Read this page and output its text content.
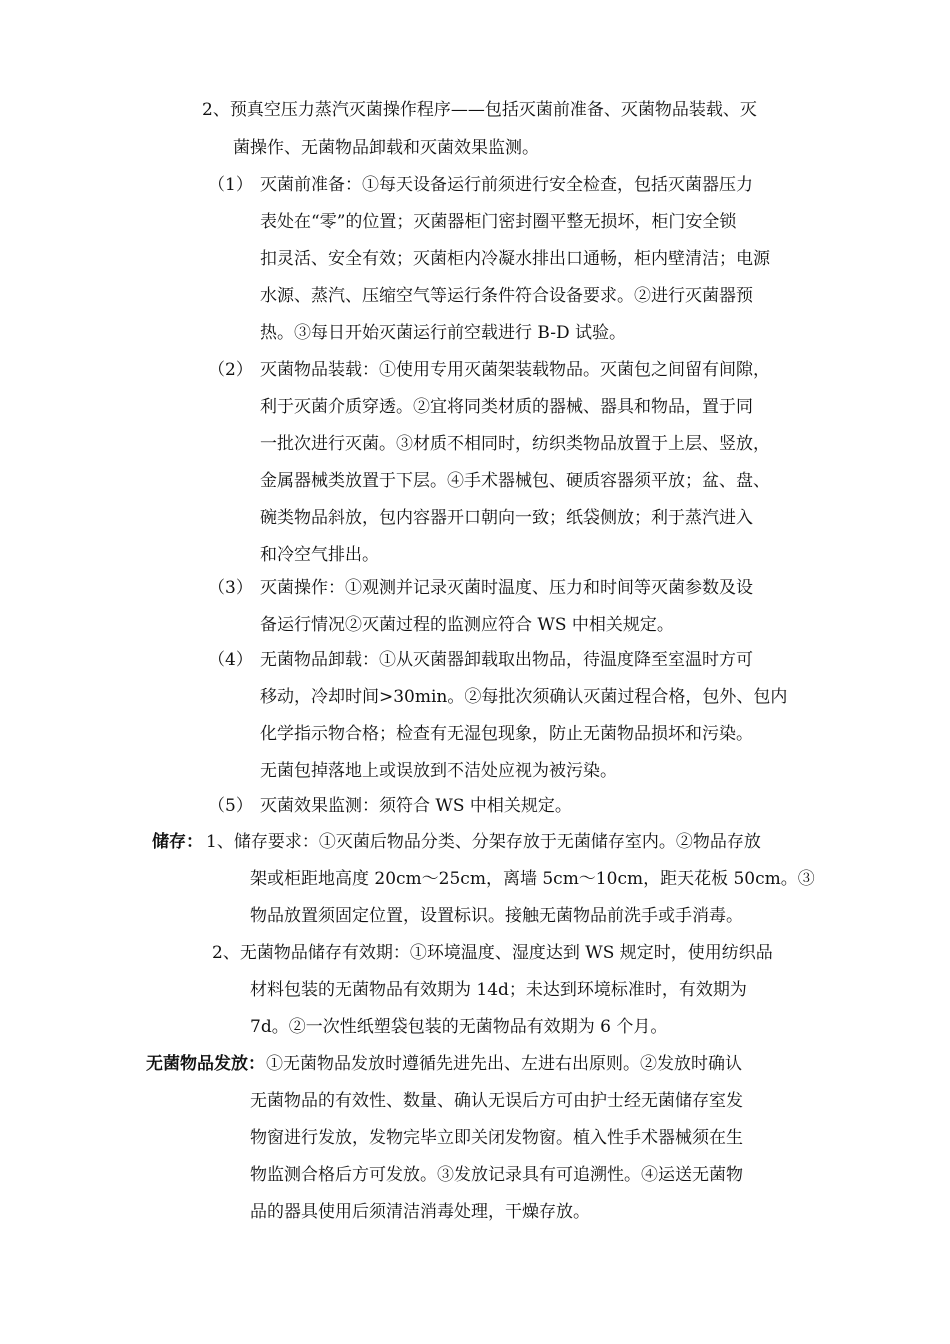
2、预真空压力蒸汽灭菌操作程序——包括灭菌前准备、灭菌物品装载、灭
菌操作、无菌物品卸载和灭菌效果监测。
（1） 灭菌前准备：①每天设备运行前须进行安全检查，包括灭菌器压力
表处在“零”的位置；灭菌器柜门密封圈平整无损坏，柜门安全锁
扣灵活、安全有效；灭菌柜内冷凝水排出口通畅，柜内壁清洁；电源
水源、蒸汽、压缩空气等运行条件符合设备要求。②进行灭菌器预
热。③每日开始灭菌运行前空载进行 B-D 试验。
（2） 灭菌物品装载：①使用专用灭菌架装载物品。灭菌包之间留有间隙，
利于灭菌介质穿透。②宜将同类材质的器械、器具和物品，置于同
一批次进行灭菌。③材质不相同时，纺织类物品放置于上层、竖放，
金属器械类放置于下层。④手术器械包、硬质容器须平放；盆、盘、
碗类物品斜放，包内容器开口朝向一致；纸袋侧放；利于蒸汽进入
和冷空气排出。
（3） 灭菌操作：①观测并记录灭菌时温度、压力和时间等灭菌参数及设
备运行情况②灭菌过程的监测应符合 WS 中相关规定。
（4） 无菌物品卸载：①从灭菌器卸载取出物品，待温度降至室温时方可
移动，冷却时间>30min。②每批次须确认灭菌过程合格，包外、包内
化学指示物合格；检查有无湿包现象，防止无菌物品损坏和污染。
无菌包掉落地上或误放到不洁处应视为被污染。
（5） 灭菌效果监测：须符合 WS 中相关规定。
储存： 1、储存要求：①灭菌后物品分类、分架存放于无菌储存室内。②物品存放
架或柜距地高度 20cm～25cm，离墙 5cm～10cm，距天花板 50cm。③
物品放置须固定位置，设置标识。接触无菌物品前洗手或手消毒。
2、无菌物品储存有效期：①环境温度、湿度达到 WS 规定时，使用纺织品
材料包装的无菌物品有效期为 14d；未达到环境标准时，有效期为
7d。②一次性纸塑袋包装的无菌物品有效期为 6 个月。
无菌物品发放： ①无菌物品发放时遵循先进先出、左进右出原则。②发放时确认
无菌物品的有效性、数量、确认无误后方可由护士经无菌储存室发
物窗进行发放，发物完毕立即关闭发物窗。植入性手术器械须在生
物监测合格后方可发放。③发放记录具有可追溯性。④运送无菌物
品的器具使用后须清洁消毒处理，干燥存放。
